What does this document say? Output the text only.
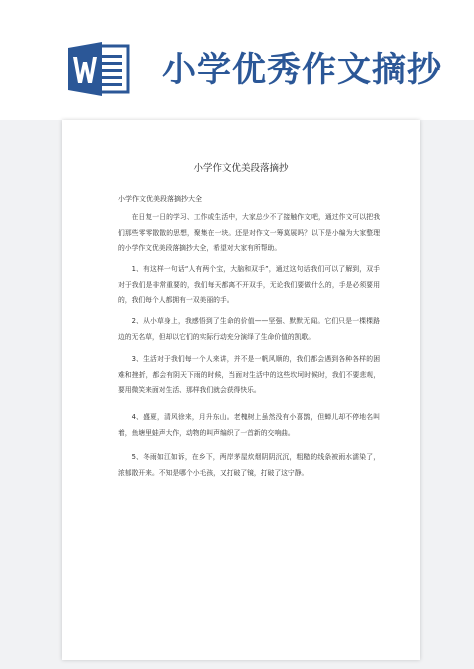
小学优秀作文摘抄
小学作文优美段落摘抄
小学作文优美段落摘抄大全

在日复一日的学习、工作或生活中，大家总少不了接触作文吧，通过作文可以把我们那些零零散散的思想，聚集在一块。还是对作文一筹莫展吗？以下是小编为大家整理的小学作文优美段落摘抄大全，希望对大家有所帮助。

1、有这样一句话“人有两个宝，大脑和双手”，通过这句话我们可以了解到，双手对于我们是非常重要的，我们每天都离不开双手，无论我们要做什么的，手是必须要用的，我们每个人都拥有一双美丽的手。

2、从小草身上，我感悟到了生命的价值——坚强、默默无闻。它们只是一棵棵路边的无名草，但却以它们的实际行动充分演绎了生命价值的凯歌。

3、生活对于我们每一个人来讲，并不是一帆风顺的，我们都会遇到各种各样的困难和挫折，都会有阴天下雨的时候，当面对生活中的这些坎坷时候时，我们不要悲观，要用微笑来面对生活、那样我们就会获得快乐。

4、盛夏，清风徐来，月升东山。老槐树上虽然没有小喜鹊，但蝉儿却不停地名叫着，鱼塘里蛙声大作，动物的叫声编织了一首新的交响曲。

5、冬雨如江如诉，在乡下，两岸茅屋炊烟阴阴沉沉，粗糙的线条被雨水濡染了，浓郁散开来。不知是哪个小毛孩，又打破了镜，打破了这宁静。
